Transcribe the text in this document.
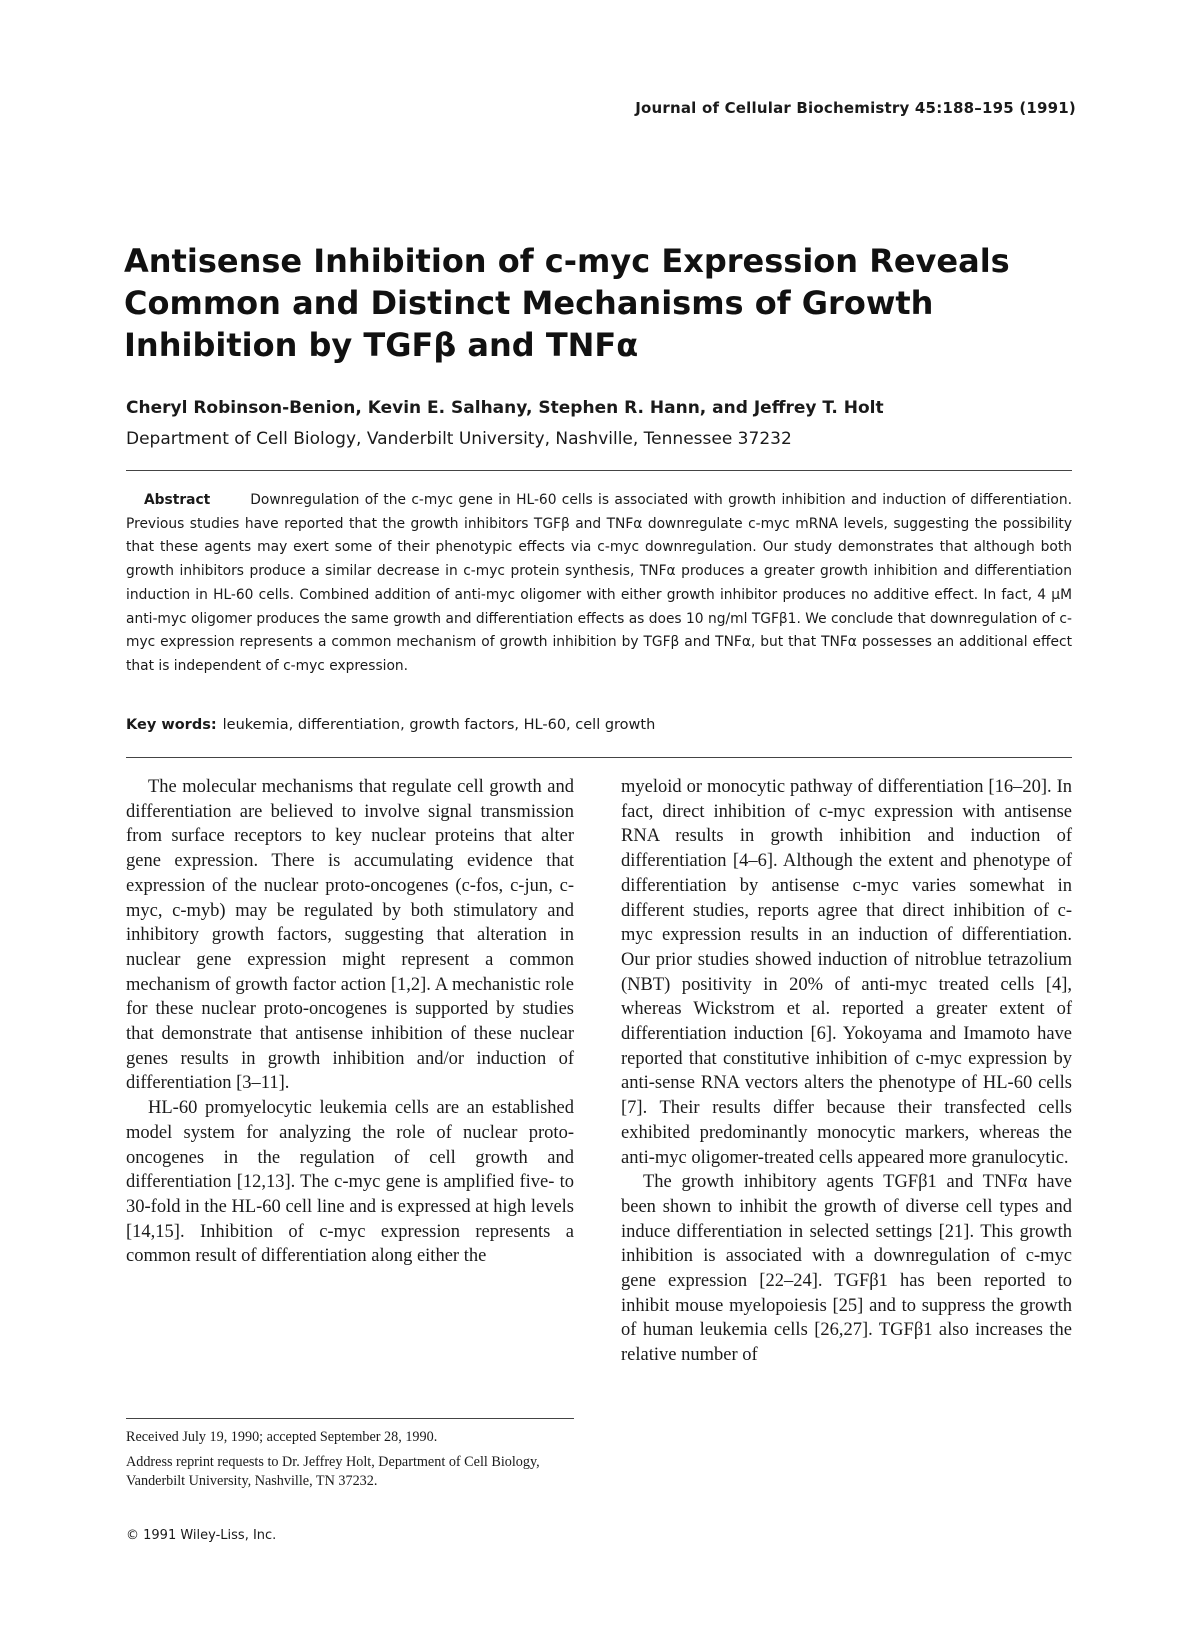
Journal of Cellular Biochemistry 45:188–195 (1991)
Antisense Inhibition of c-myc Expression Reveals Common and Distinct Mechanisms of Growth Inhibition by TGFβ and TNFα

Cheryl Robinson-Benion, Kevin E. Salhany, Stephen R. Hann, and Jeffrey T. Holt

Department of Cell Biology, Vanderbilt University, Nashville, Tennessee 37232

Abstract	Downregulation of the c-myc gene in HL-60 cells is associated with growth inhibition and induction of differentiation. Previous studies have reported that the growth inhibitors TGFβ and TNFα downregulate c-myc mRNA levels, suggesting the possibility that these agents may exert some of their phenotypic effects via c-myc downregulation. Our study demonstrates that although both growth inhibitors produce a similar decrease in c-myc protein synthesis, TNFα produces a greater growth inhibition and differentiation induction in HL-60 cells. Combined addition of anti-myc oligomer with either growth inhibitor produces no additive effect. In fact, 4 μM anti-myc oligomer produces the same growth and differentiation effects as does 10 ng/ml TGFβ1. We conclude that downregulation of c-myc expression represents a common mechanism of growth inhibition by TGFβ and TNFα, but that TNFα possesses an additional effect that is independent of c-myc expression.

Key words: leukemia, differentiation, growth factors, HL-60, cell growth

The molecular mechanisms that regulate cell growth and differentiation are believed to involve signal transmission from surface receptors to key nuclear proteins that alter gene expression. There is accumulating evidence that expression of the nuclear proto-oncogenes (c-fos, c-jun, c-myc, c-myb) may be regulated by both stimulatory and inhibitory growth factors, suggesting that alteration in nuclear gene expression might represent a common mechanism of growth factor action [1,2]. A mechanistic role for these nuclear proto-oncogenes is supported by studies that demonstrate that antisense inhibition of these nuclear genes results in growth inhibition and/or induction of differentiation [3–11].

HL-60 promyelocytic leukemia cells are an established model system for analyzing the role of nuclear proto-oncogenes in the regulation of cell growth and differentiation [12,13]. The c-myc gene is amplified five- to 30-fold in the HL-60 cell line and is expressed at high levels [14,15]. Inhibition of c-myc expression represents a common result of differentiation along either the

myeloid or monocytic pathway of differentiation [16–20]. In fact, direct inhibition of c-myc expression with antisense RNA results in growth inhibition and induction of differentiation [4–6]. Although the extent and phenotype of differentiation by antisense c-myc varies somewhat in different studies, reports agree that direct inhibition of c-myc expression results in an induction of differentiation. Our prior studies showed induction of nitroblue tetrazolium (NBT) positivity in 20% of anti-myc treated cells [4], whereas Wickstrom et al. reported a greater extent of differentiation induction [6]. Yokoyama and Imamoto have reported that constitutive inhibition of c-myc expression by anti-sense RNA vectors alters the phenotype of HL-60 cells [7]. Their results differ because their transfected cells exhibited predominantly monocytic markers, whereas the anti-myc oligomer-treated cells appeared more granulocytic.

The growth inhibitory agents TGFβ1 and TNFα have been shown to inhibit the growth of diverse cell types and induce differentiation in selected settings [21]. This growth inhibition is associated with a downregulation of c-myc gene expression [22–24]. TGFβ1 has been reported to inhibit mouse myelopoiesis [25] and to suppress the growth of human leukemia cells [26,27]. TGFβ1 also increases the relative number of

Received July 19, 1990; accepted September 28, 1990.

Address reprint requests to Dr. Jeffrey Holt, Department of Cell Biology, Vanderbilt University, Nashville, TN 37232.

© 1991 Wiley-Liss, Inc.
